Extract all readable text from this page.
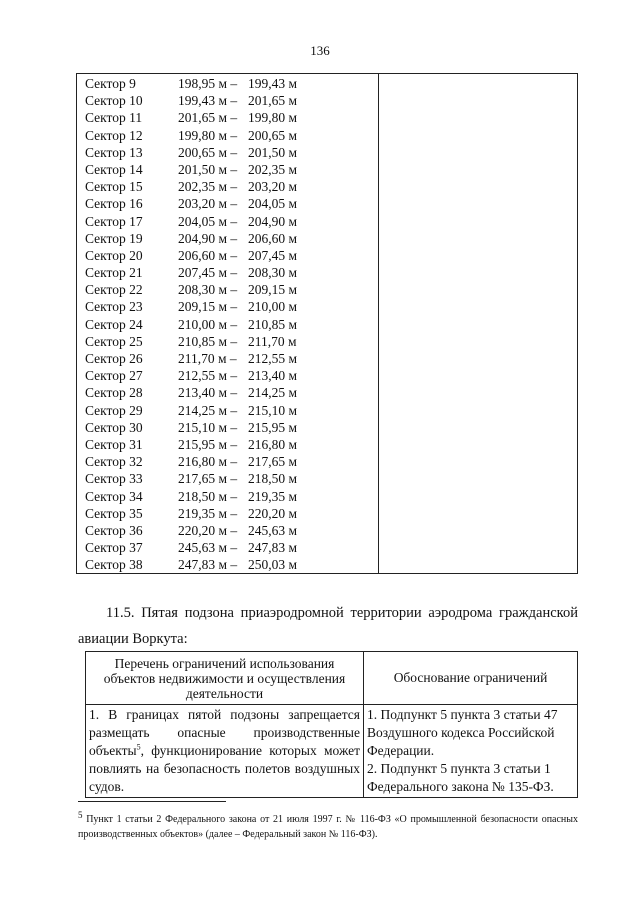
136
Сектор 9	198,95 м – 199,43 м
Сектор 10	199,43 м – 201,65 м
Сектор 11	201,65 м – 199,80 м
Сектор 12	199,80 м – 200,65 м
Сектор 13	200,65 м – 201,50 м
Сектор 14	201,50 м – 202,35 м
Сектор 15	202,35 м – 203,20 м
Сектор 16	203,20 м – 204,05 м
Сектор 17	204,05 м – 204,90 м
Сектор 19	204,90 м – 206,60 м
Сектор 20	206,60 м – 207,45 м
Сектор 21	207,45 м – 208,30 м
Сектор 22	208,30 м – 209,15 м
Сектор 23	209,15 м – 210,00 м
Сектор 24	210,00 м – 210,85 м
Сектор 25	210,85 м – 211,70 м
Сектор 26	211,70 м – 212,55 м
Сектор 27	212,55 м – 213,40 м
Сектор 28	213,40 м – 214,25 м
Сектор 29	214,25 м – 215,10 м
Сектор 30	215,10 м – 215,95 м
Сектор 31	215,95 м – 216,80 м
Сектор 32	216,80 м – 217,65 м
Сектор 33	217,65 м – 218,50 м
Сектор 34	218,50 м – 219,35 м
Сектор 35	219,35 м – 220,20 м
Сектор 36	220,20 м – 245,63 м
Сектор 37	245,63 м – 247,83 м
Сектор 38	247,83 м – 250,03 м

11.5. Пятая подзона приаэродромной территории аэродрома гражданской
авиации Воркута:
Перечень ограничений использования объектов недвижимости и осуществления деятельности	Обоснование ограничений
1. В границах пятой подзоны запрещается размещать опасные производственные объекты$^5$, функционирование которых может повлиять на безопасность полетов воздушных судов.	1. Подпункт 5 пункта 3 статьи 47 Воздушного кодекса Российской Федерации.
2. Подпункт 5 пункта 3 статьи 1 Федерального закона № 135-ФЗ.
5 Пункт 1 статьи 2 Федерального закона от 21 июля 1997 г. № 116-ФЗ «О промышленной безопасности опасных производственных объектов» (далее – Федеральный закон № 116-ФЗ).
